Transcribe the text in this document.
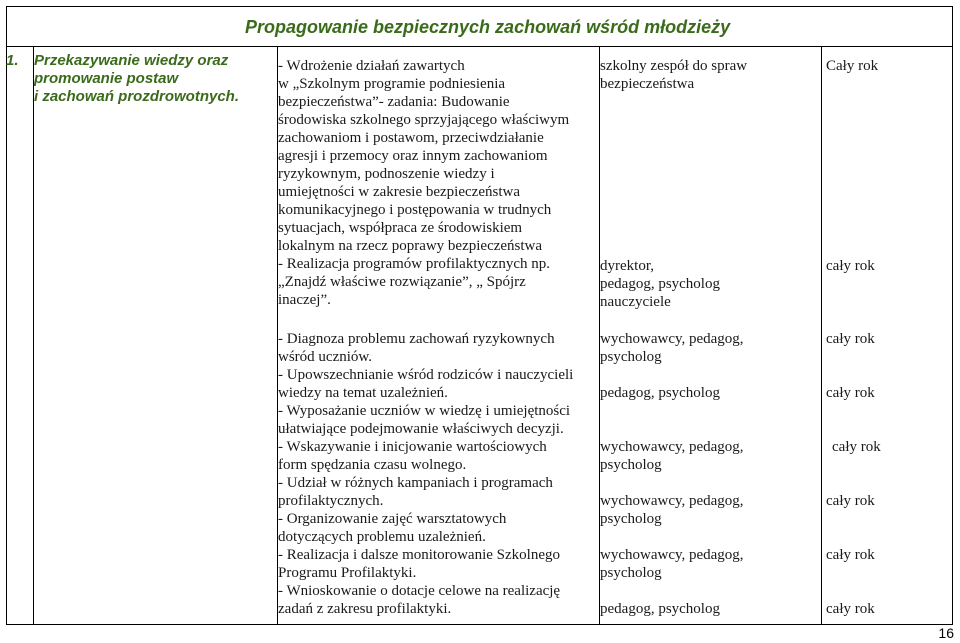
Propagowanie bezpiecznych zachowań wśród młodzieży
1. Przekazywanie wiedzy oraz
promowanie postaw
i zachowań prozdrowotnych.
- Wdrożenie działań zawartych
w „Szkolnym programie podniesienia
bezpieczeństwa”- zadania: Budowanie
środowiska szkolnego sprzyjającego właściwym
zachowaniom i postawom, przeciwdziałanie
agresji i przemocy oraz innym zachowaniom
ryzykownym, podnoszenie wiedzy i
umiejętności w zakresie bezpieczeństwa
komunikacyjnego i postępowania w trudnych
sytuacjach, współpraca ze środowiskiem
lokalnym na rzecz poprawy bezpieczeństwa
- Realizacja programów profilaktycznych np.
„Znajdź właściwe rozwiązanie”, „ Spójrz
inaczej”.
- Diagnoza problemu zachowań ryzykownych
wśród uczniów.
- Upowszechnianie wśród rodziców i nauczycieli
wiedzy na temat uzależnień.
- Wyposażanie uczniów w wiedzę i umiejętności
ułatwiające podejmowanie właściwych decyzji.
- Wskazywanie i inicjowanie wartościowych
form spędzania czasu wolnego.
- Udział w różnych kampaniach i programach
profilaktycznych.
- Organizowanie zajęć warsztatowych
dotyczących problemu uzależnień.
- Realizacja i dalsze monitorowanie Szkolnego
Programu Profilaktyki.
- Wnioskowanie o dotacje celowe na realizację
zadań z zakresu profilaktyki.
szkolny zespół do spraw
bezpieczeństwa
dyrektor,
pedagog, psycholog
nauczyciele
wychowawcy, pedagog,
psycholog
pedagog, psycholog
wychowawcy, pedagog,
psycholog
wychowawcy, pedagog,
psycholog
wychowawcy, pedagog,
psycholog
pedagog, psycholog
Cały rok
cały rok
cały rok
cały rok
cały rok
cały rok
cały rok
cały rok
16
